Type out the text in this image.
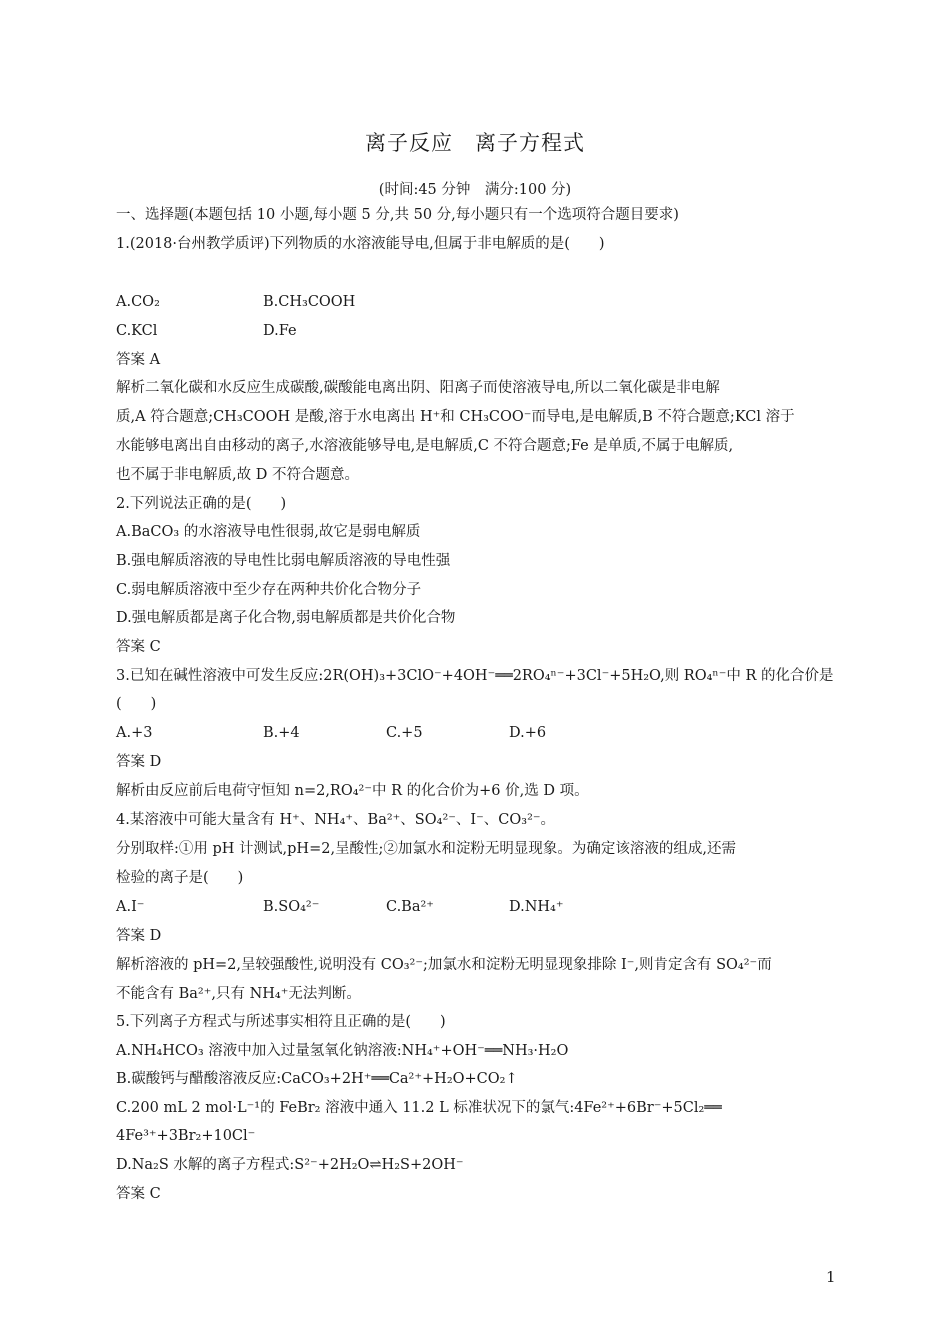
离子反应　离子方程式
(时间:45 分钟　满分:100 分)
一、选择题(本题包括 10 小题,每小题 5 分,共 50 分,每小题只有一个选项符合题目要求)
1.(2018·台州教学质评)下列物质的水溶液能导电,但属于非电解质的是(　　)
A.CO₂	B.CH₃COOH
C.KCl	D.Fe
答案 A
解析二氧化碳和水反应生成碳酸,碳酸能电离出阴、阳离子而使溶液导电,所以二氧化碳是非电解
质,A 符合题意;CH₃COOH 是酸,溶于水电离出 H⁺和 CH₃COO⁻而导电,是电解质,B 不符合题意;KCl 溶于
水能够电离出自由移动的离子,水溶液能够导电,是电解质,C 不符合题意;Fe 是单质,不属于电解质,
也不属于非电解质,故 D 不符合题意。
2.下列说法正确的是(　　)
A.BaCO₃ 的水溶液导电性很弱,故它是弱电解质
B.强电解质溶液的导电性比弱电解质溶液的导电性强
C.弱电解质溶液中至少存在两种共价化合物分子
D.强电解质都是离子化合物,弱电解质都是共价化合物
答案 C
3.已知在碱性溶液中可发生反应:2R(OH)₃+3ClO⁻+4OH⁻══2RO₄ⁿ⁻+3Cl⁻+5H₂O,则 RO₄ⁿ⁻中 R 的化合价是
(　　)
A.+3	B.+4	C.+5	D.+6
答案 D
解析由反应前后电荷守恒知 n=2,RO₄²⁻中 R 的化合价为+6 价,选 D 项。
4.某溶液中可能大量含有 H⁺、NH₄⁺、Ba²⁺、SO₄²⁻、I⁻、CO₃²⁻。
分别取样:①用 pH 计测试,pH=2,呈酸性;②加氯水和淀粉无明显现象。为确定该溶液的组成,还需
检验的离子是(　　)
A.I⁻	B.SO₄²⁻	C.Ba²⁺	D.NH₄⁺
答案 D
解析溶液的 pH=2,呈较强酸性,说明没有 CO₃²⁻;加氯水和淀粉无明显现象排除 I⁻,则肯定含有 SO₄²⁻而
不能含有 Ba²⁺,只有 NH₄⁺无法判断。
5.下列离子方程式与所述事实相符且正确的是(　　)
A.NH₄HCO₃ 溶液中加入过量氢氧化钠溶液:NH₄⁺+OH⁻══NH₃·H₂O
B.碳酸钙与醋酸溶液反应:CaCO₃+2H⁺══Ca²⁺+H₂O+CO₂↑
C.200 mL 2 mol·L⁻¹的 FeBr₂ 溶液中通入 11.2 L 标准状况下的氯气:4Fe²⁺+6Br⁻+5Cl₂══
4Fe³⁺+3Br₂+10Cl⁻
D.Na₂S 水解的离子方程式:S²⁻+2H₂O⇌H₂S+2OH⁻
答案 C
1
